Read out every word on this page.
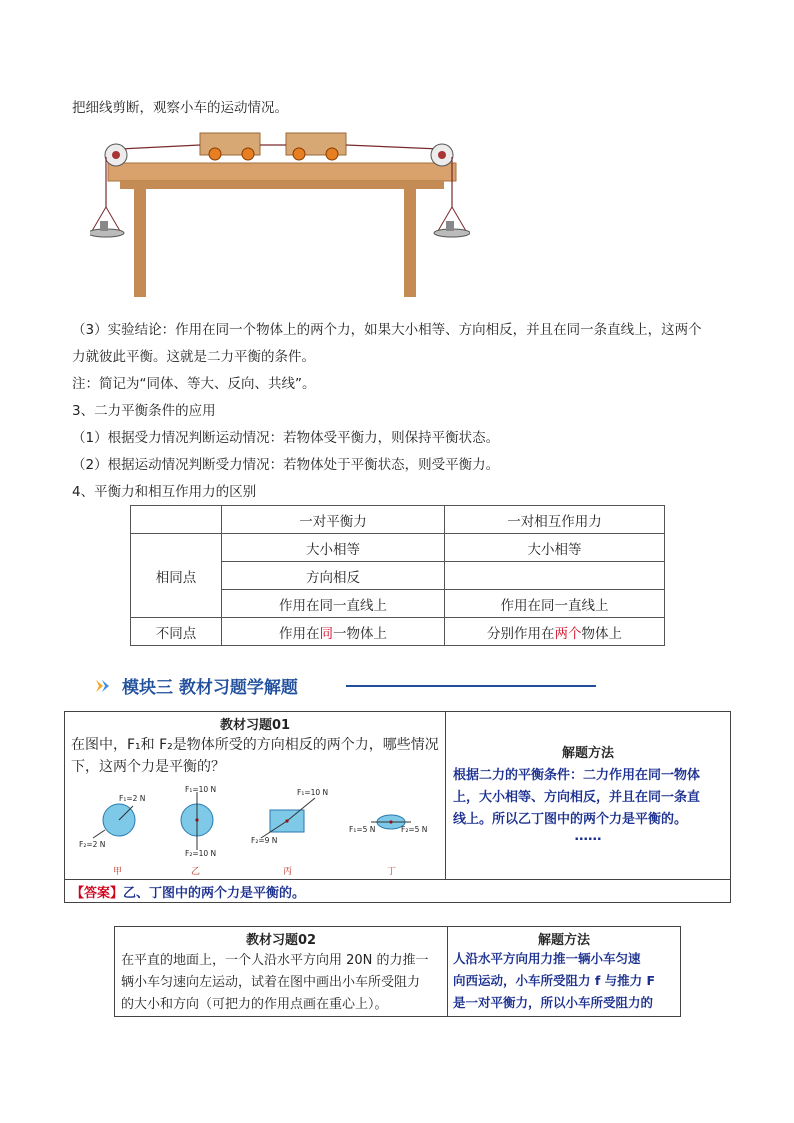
把细线剪断，观察小车的运动情况。
（3）实验结论：作用在同一个物体上的两个力，如果大小相等、方向相反，并且在同一条直线上，这两个
力就彼此平衡。这就是二力平衡的条件。
注：简记为“同体、等大、反向、共线”。
3、二力平衡条件的应用
（1）根据受力情况判断运动情况：若物体受平衡力，则保持平衡状态。
（2）根据运动情况判断受力情况：若物体处于平衡状态，则受平衡力。
4、平衡力和相互作用力的区别
	一对平衡力	一对相互作用力
相同点	大小相等	大小相等
	方向相反	
	作用在同一直线上	作用在同一直线上
不同点	作用在同一物体上	分别作用在两个物体上
模块三 教材习题学解题
教材习题01
在图中，F₁和 F₂是物体所受的方向相反的两个力，哪些情况
下，这两个力是平衡的？
F₁=2 N
F₂=2 N
F₁=10 N
F₂=10 N
F₁=10 N
F₂=9 N
F₁=5 N	F₂=5 N
甲	乙	丙	丁
解题方法
根据二力的平衡条件：二力作用在同一物体
上，大小相等、方向相反，并且在同一条直
线上。所以乙丁图中的两个力是平衡的。
……
【答案】乙、丁图中的两个力是平衡的。
教材习题02
在平直的地面上，一个人沿水平方向用 20N 的力推一
辆小车匀速向左运动，试着在图中画出小车所受阻力
的大小和方向（可把力的作用点画在重心上）。
解题方法
人沿水平方向用力推一辆小车匀速
向西运动，小车所受阻力 f 与推力 F
是一对平衡力，所以小车所受阻力的
